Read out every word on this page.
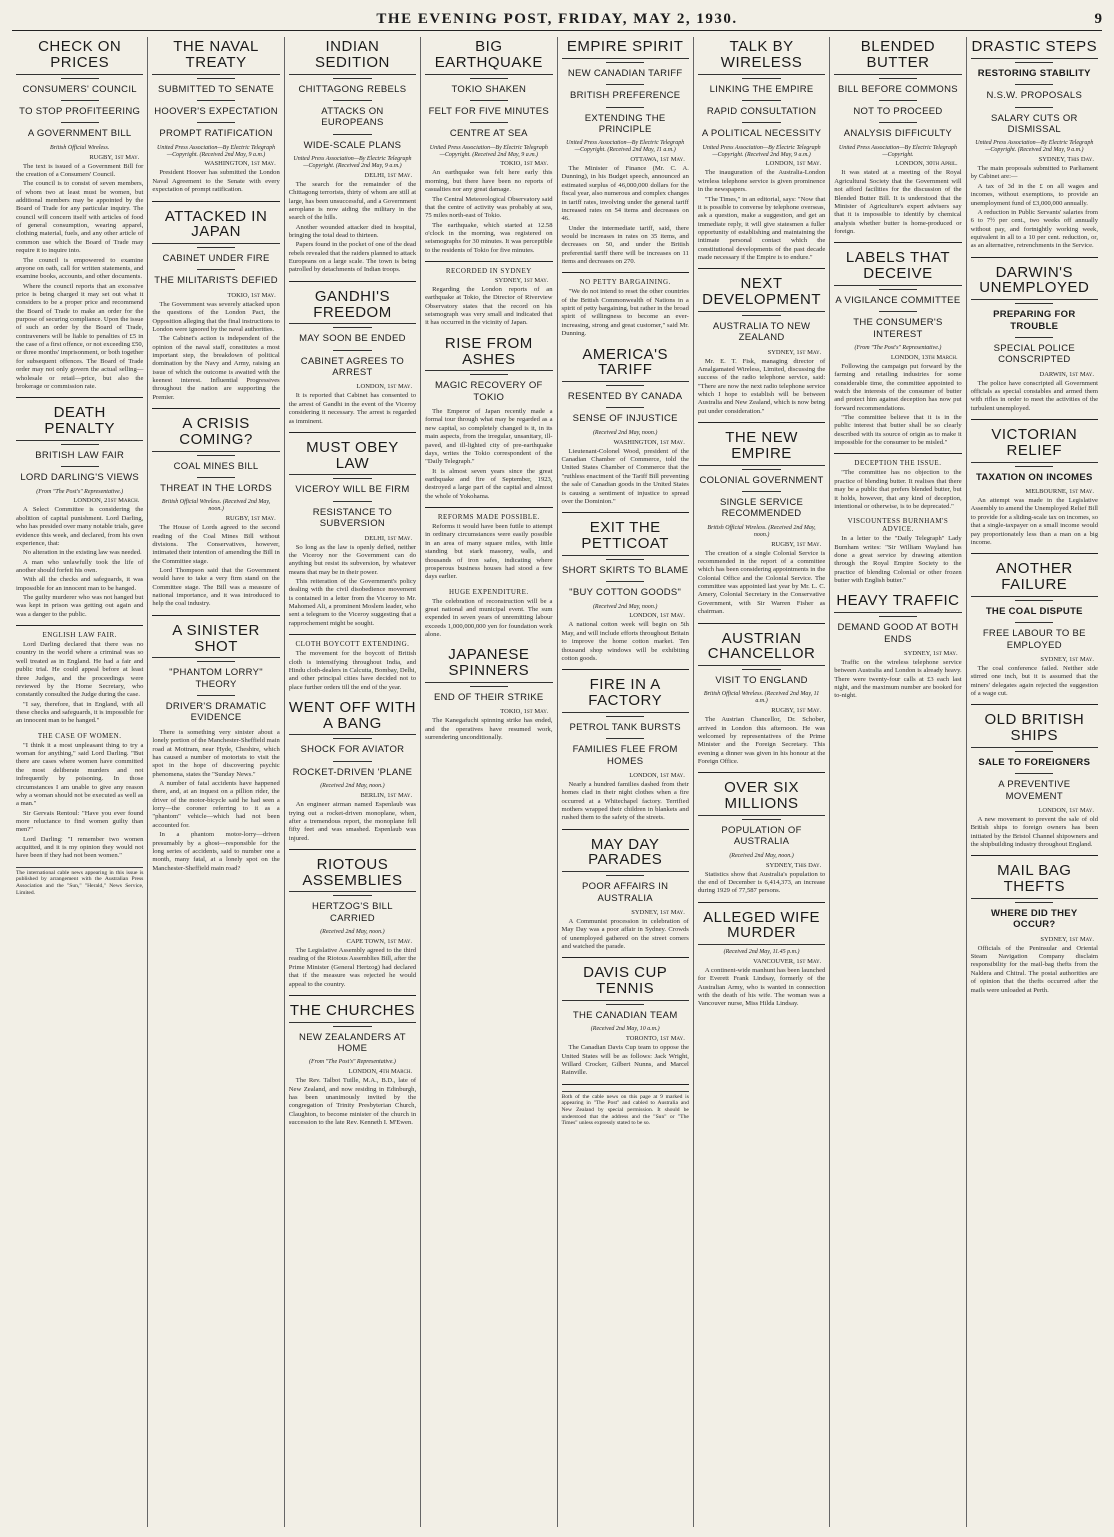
THE EVENING POST, FRIDAY, MAY 2, 1930.	9
CHECK ON PRICES
CONSUMERS' COUNCIL
TO STOP PROFITEERING
A GOVERNMENT BILL
British Official Wireless.
RUGBY, 1st May.

The text is issued of a Government Bill for the creation of a Consumers' Council.

The council is to consist of seven members, of whom two at least must be women, but additional members may be appointed by the Board of Trade for any particular inquiry. The council will concern itself with articles of food of general consumption, wearing apparel, clothing material, fuels, and any other article of common use which the Board of Trade may require it to inquire into.

The council is empowered to examine anyone on oath, call for written statements, and examine books, accounts, and other documents.

Where the council reports that an excessive price is being charged it may set out what it considers to be a proper price and recommend the Board of Trade to make an order for the purpose of securing compliance. Upon the issue of such an order by the Board of Trade, contraveners will be liable to penalties of £5 in the case of a first offence, or not exceeding £50, or three months' imprisonment, or both together for subsequent offences. The Board of Trade order may not only govern the actual selling—wholesale or retail—price, but also the brokerage or commission rate.

DEATH PENALTY
BRITISH LAW FAIR
LORD DARLING'S VIEWS
(From "The Post's" Representative.)
LONDON, 21st March.

A Select Committee is considering the abolition of capital punishment. Lord Darling, who has presided over many notable trials, gave evidence this week, and declared, from his own experience, that:

No alteration in the existing law was needed.

A man who unlawfully took the life of another should forfeit his own.

With all the checks and safeguards, it was impossible for an innocent man to be hanged.

The guilty murderer who was not hanged but was kept in prison was getting out again and was a danger to the public.

ENGLISH LAW FAIR.

Lord Darling declared that there was no country in the world where a criminal was so well treated as in England. He had a fair and public trial. He could appeal before at least three Judges, and the proceedings were reviewed by the Home Secretary, who constantly consulted the Judge during the case.

"I say, therefore, that in England, with all these checks and safeguards, it is impossible for an innocent man to be hanged."

THE CASE OF WOMEN.

"I think it a most unpleasant thing to try a woman for anything," said Lord Darling. "But there are cases where women have committed the most deliberate murders and not infrequently by poisoning. In those circumstances I am unable to give any reason why a woman should not be executed as well as a man."

Sir Gervais Rentoul: "Have you ever found more reluctance to find women guilty than men?"

Lord Darling: "I remember two women acquitted, and it is my opinion they would not have been if they had not been women."

The international cable news appearing in this issue is published by arrangement with the Australian Press Association and the "Sun," "Herald," News Service, Limited.
THE NAVAL TREATY
SUBMITTED TO SENATE
HOOVER'S EXPECTATION
PROMPT RATIFICATION
United Press Association—By Electric Telegraph—Copyright. (Received 2nd May, 9 a.m.)
WASHINGTON, 1st May.

President Hoover has submitted the London Naval Agreement to the Senate with every expectation of prompt ratification.

ATTACKED IN JAPAN
CABINET UNDER FIRE
THE MILITARISTS DEFIED
TOKIO, 1st May.

The Government was severely attacked upon the questions of the London Pact, the Opposition alleging that the final instructions to London were ignored by the naval authorities.

The Cabinet's action is independent of the opinion of the naval staff, constitutes a most important step, the breakdown of political domination by the Navy and Army, raising an issue of which the outcome is awaited with the keenest interest. Influential Progressives throughout the nation are supporting the Premier.

A CRISIS COMING?
COAL MINES BILL
THREAT IN THE LORDS
British Official Wireless. (Received 2nd May, noon.)
RUGBY, 1st May.

The House of Lords agreed to the second reading of the Coal Mines Bill without divisions. The Conservatives, however, intimated their intention of amending the Bill in the Committee stage.

Lord Thompson said that the Government would have to take a very firm stand on the Committee stage. The Bill was a measure of national importance, and it was introduced to help the coal industry.

A SINISTER SHOT
"PHANTOM LORRY" THEORY
DRIVER'S DRAMATIC EVIDENCE

There is something very sinister about a lonely portion of the Manchester-Sheffield main road at Mottram, near Hyde, Cheshire, which has caused a number of motorists to visit the spot in the hope of discovering psychic phenomena, states the "Sunday News."

A number of fatal accidents have happened there, and, at an inquest on a pillion rider, the driver of the motor-bicycle said he had seen a lorry—the coroner referring to it as a "phantom" vehicle—which had not been accounted for.

In a phantom motor-lorry—driven presumably by a ghost—responsible for the long series of accidents, said to number one a month, many fatal, at a lonely spot on the Manchester-Sheffield main road?

INDIAN SEDITION
CHITTAGONG REBELS
ATTACKS ON EUROPEANS
WIDE-SCALE PLANS
United Press Association—By Electric Telegraph—Copyright. (Received 2nd May, 9 a.m.)
DELHI, 1st May.

The search for the remainder of the Chittagong terrorists, thirty of whom are still at large, has been unsuccessful, and a Government aeroplane is now aiding the military in the search of the hills.

Another wounded attacker died in hospital, bringing the total dead to thirteen.

Papers found in the pocket of one of the dead rebels revealed that the raiders planned to attack Europeans on a large scale. The town is being patrolled by detachments of Indian troops.

GANDHI'S FREEDOM
MAY SOON BE ENDED
CABINET AGREES TO ARREST
LONDON, 1st May.

It is reported that Cabinet has consented to the arrest of Gandhi in the event of the Viceroy considering it necessary. The arrest is regarded as imminent.

MUST OBEY LAW
VICEROY WILL BE FIRM
RESISTANCE TO SUBVERSION
DELHI, 1st May.

So long as the law is openly defied, neither the Viceroy nor the Government can do anything but resist its subversion, by whatever means that may be in their power.

This reiteration of the Government's policy dealing with the civil disobedience movement is contained in a letter from the Viceroy to Mr. Mahomed Ali, a prominent Moslem leader, who sent a telegram to the Viceroy suggesting that a rapprochement might be sought.

CLOTH BOYCOTT EXTENDING.

The movement for the boycott of British cloth is intensifying throughout India, and Hindu cloth-dealers in Calcutta, Bombay, Delhi, and other principal cities have decided not to place further orders till the end of the year.

WENT OFF WITH A BANG
SHOCK FOR AVIATOR
ROCKET-DRIVEN 'PLANE
(Received 2nd May, noon.)
BERLIN, 1st May.

An engineer airman named Espenlaub was trying out a rocket-driven monoplane, when, after a tremendous report, the monoplane fell fifty feet and was smashed. Espenlaub was injured.

RIOTOUS ASSEMBLIES
HERTZOG'S BILL CARRIED
(Received 2nd May, noon.)
CAPE TOWN, 1st May.

The Legislative Assembly agreed to the third reading of the Riotous Assemblies Bill, after the Prime Minister (General Hertzog) had declared that if the measure was rejected he would appeal to the country.

THE CHURCHES
NEW ZEALANDERS AT HOME
(From "The Post's" Representative.)
LONDON, 4th March.

The Rev. Talbot Tuille, M.A., B.D., late of New Zealand, and now residing in Edinburgh, has been unanimously invited by the congregation of Trinity Presbyterian Church, Claughton, to become minister of the church in succession to the late Rev. Kenneth I. M'Ewen.

BIG EARTHQUAKE
TOKIO SHAKEN
FELT FOR FIVE MINUTES
CENTRE AT SEA
United Press Association—By Electric Telegraph—Copyright. (Received 2nd May, 9 a.m.)
TOKIO, 1st May.

An earthquake was felt here early this morning, but there have been no reports of casualties nor any great damage.

The Central Meteorological Observatory said that the centre of activity was probably at sea, 75 miles north-east of Tokio.

The earthquake, which started at 12.58 o'clock in the morning, was registered on seismographs for 30 minutes. It was perceptible to the residents of Tokio for five minutes.

RECORDED IN SYDNEY
SYDNEY, 1st May.

Regarding the London reports of an earthquake at Tokio, the Director of Riverview Observatory states that the record on his seismograph was very small and indicated that it has occurred in the vicinity of Japan.

RISE FROM ASHES
MAGIC RECOVERY OF TOKIO

The Emperor of Japan recently made a formal tour through what may be regarded as a new capital, so completely changed is it, in its main aspects, from the irregular, unsanitary, ill-paved, and ill-lighted city of pre-earthquake days, writes the Tokio correspondent of the "Daily Telegraph."

It is almost seven years since the great earthquake and fire of September, 1923, destroyed a large part of the capital and almost the whole of Yokohama.

REFORMS MADE POSSIBLE.

Reforms it would have been futile to attempt in ordinary circumstances were easily possible in an area of many square miles, with little standing but stark masonry, walls, and thousands of iron safes, indicating where prosperous business houses had stood a few days earlier.

HUGE EXPENDITURE.

The celebration of reconstruction will be a great national and municipal event. The sum expended in seven years of unremitting labour exceeds 1,000,000,000 yen for foundation work alone.

JAPANESE SPINNERS
END OF THEIR STRIKE
TOKIO, 1st May.

The Kanegafuchi spinning strike has ended, and the operatives have resumed work, surrendering unconditionally.

EMPIRE SPIRIT
NEW CANADIAN TARIFF
BRITISH PREFERENCE
EXTENDING THE PRINCIPLE
United Press Association—By Electric Telegraph—Copyright. (Received 2nd May, 11 a.m.)
OTTAWA, 1st May.

The Minister of Finance (Mr. C. A. Dunning), in his Budget speech, announced an estimated surplus of 46,000,000 dollars for the fiscal year, also numerous and complex changes in tariff rates, involving under the general tariff increased rates on 54 items and decreases on 46.

Under the intermediate tariff, said, there would be increases in rates on 35 items, and decreases on 50, and under the British preferential tariff there will be increases on 11 items and decreases on 270.

NO PETTY BARGAINING.

"We do not intend to reset the other countries of the British Commonwealth of Nations in a spirit of petty bargaining, but rather in the broad spirit of willingness to become an ever-increasing, strong and great customer," said Mr. Dunning.

AMERICA'S TARIFF
RESENTED BY CANADA
SENSE OF INJUSTICE
(Received 2nd May, noon.)
WASHINGTON, 1st May.

Lieutenant-Colonel Wood, president of the Canadian Chamber of Commerce, told the United States Chamber of Commerce that the "ruthless enactment of the Tariff Bill preventing the sale of Canadian goods in the United States is causing a sentiment of injustice to spread over the Dominion."

EXIT THE PETTICOAT
SHORT SKIRTS TO BLAME
"BUY COTTON GOODS"
(Received 2nd May, noon.)
LONDON, 1st May.

A national cotton week will begin on 5th May, and will include efforts throughout Britain to improve the home cotton market. Ten thousand shop windows will be exhibiting cotton goods.

FIRE IN A FACTORY
PETROL TANK BURSTS
FAMILIES FLEE FROM HOMES
LONDON, 1st May.

Nearly a hundred families dashed from their homes clad in their night clothes when a fire occurred at a Whitechapel factory. Terrified mothers wrapped their children in blankets and rushed them to the safety of the streets.

MAY DAY PARADES
POOR AFFAIRS IN AUSTRALIA
SYDNEY, 1st May.

A Communist procession in celebration of May Day was a poor affair in Sydney. Crowds of unemployed gathered on the street corners and watched the parade.

DAVIS CUP TENNIS
THE CANADIAN TEAM
(Received 2nd May, 10 a.m.)
TORONTO, 1st May.

The Canadian Davis Cup team to oppose the United States will be as follows: Jack Wright, Willard Crocker, Gilbert Nunns, and Marcel Rainville.

Both of the cable news on this page at 9 marked is appearing in "The Post" and cabled to Australia and New Zealand by special permission. It should be understood that the address and the "Sun" or "The Times" unless expressly stated to be so.
TALK BY WIRELESS
LINKING THE EMPIRE
RAPID CONSULTATION
A POLITICAL NECESSITY
United Press Association—By Electric Telegraph—Copyright. (Received 2nd May, 9 a.m.)
LONDON, 1st May.

The inauguration of the Australia-London wireless telephone service is given prominence in the newspapers.

"The Times," in an editorial, says: "Now that it is possible to converse by telephone overseas, ask a question, make a suggestion, and get an immediate reply, it will give statesmen a fuller opportunity of establishing and maintaining the intimate personal contact which the constitutional developments of the past decade made necessary if the Empire is to endure."

NEXT DEVELOPMENT
AUSTRALIA TO NEW ZEALAND
SYDNEY, 1st May.

Mr. E. T. Fisk, managing director of Amalgamated Wireless, Limited, discussing the success of the radio telephone service, said: "There are now the next radio telephone service which I hope to establish will be between Australia and New Zealand, which is now being put under consideration."

THE NEW EMPIRE
COLONIAL GOVERNMENT
SINGLE SERVICE RECOMMENDED
British Official Wireless. (Received 2nd May, noon.)
RUGBY, 1st May.

The creation of a single Colonial Service is recommended in the report of a committee which has been considering appointments in the Colonial Office and the Colonial Service. The committee was appointed last year by Mr. L. C. Amery, Colonial Secretary in the Conservative Government, with Sir Warren Fisher as chairman.

AUSTRIAN CHANCELLOR
VISIT TO ENGLAND
British Official Wireless. (Received 2nd May, 11 a.m.)
RUGBY, 1st May.

The Austrian Chancellor, Dr. Schober, arrived in London this afternoon. He was welcomed by representatives of the Prime Minister and the Foreign Secretary. This evening a dinner was given in his honour at the Foreign Office.

OVER SIX MILLIONS
POPULATION OF AUSTRALIA
(Received 2nd May, noon.)
SYDNEY, This Day.

Statistics show that Australia's population to the end of December is 6,414,373, an increase during 1929 of 77,587 persons.

ALLEGED WIFE MURDER
(Received 2nd May, 11.45 p.m.)
VANCOUVER, 1st May.

A continent-wide manhunt has been launched for Everett Frank Lindsay, formerly of the Australian Army, who is wanted in connection with the death of his wife. The woman was a Vancouver nurse, Miss Hilda Lindsay.

BLENDED BUTTER
BILL BEFORE COMMONS
NOT TO PROCEED
ANALYSIS DIFFICULTY
United Press Association—By Electric Telegraph—Copyright.
LONDON, 30th April.

It was stated at a meeting of the Royal Agricultural Society that the Government will not afford facilities for the discussion of the Blended Butter Bill. It is understood that the Minister of Agriculture's expert advisers say that it is impossible to identify by chemical analysis whether butter is home-produced or foreign.

LABELS THAT DECEIVE
A VIGILANCE COMMITTEE
THE CONSUMER'S INTEREST
(From "The Post's" Representative.)
LONDON, 13th March.

Following the campaign put forward by the farming and retailing industries for some considerable time, the committee appointed to watch the interests of the consumer of butter and protect him against deception has now put forward recommendations.

"The committee believe that it is in the public interest that butter shall be so clearly described with its source of origin as to make it impossible for the consumer to be misled."

DECEPTION THE ISSUE.

"The committee has no objection to the practice of blending butter. It realises that there may be a public that prefers blended butter, but it holds, however, that any kind of deception, intentional or otherwise, is to be deprecated."

VISCOUNTESS BURNHAM'S ADVICE.

In a letter to the "Daily Telegraph" Lady Burnham writes: "Sir William Wayland has done a great service by drawing attention through the Royal Empire Society to the practice of blending Colonial or other frozen butter with English butter."

HEAVY TRAFFIC
DEMAND GOOD AT BOTH ENDS
SYDNEY, 1st May.

Traffic on the wireless telephone service between Australia and London is already heavy. There were twenty-four calls at £3 each last night, and the maximum number are booked for to-night.

DRASTIC STEPS
RESTORING STABILITY
N.S.W. PROPOSALS
SALARY CUTS OR DISMISSAL
United Press Association—By Electric Telegraph—Copyright. (Received 2nd May, 9 a.m.)
SYDNEY, This Day.

The main proposals submitted to Parliament by Cabinet are:—

A tax of 3d in the £ on all wages and incomes, without exemptions, to provide an unemployment fund of £3,000,000 annually.

A reduction in Public Servants' salaries from 6 to 7½ per cent., two weeks off annually without pay, and fortnightly working week, equivalent in all to a 10 per cent. reduction, or, as an alternative, retrenchments in the Service.

DARWIN'S UNEMPLOYED
PREPARING FOR TROUBLE
SPECIAL POLICE CONSCRIPTED
DARWIN, 1st May.

The police have conscripted all Government officials as special constables and armed them with rifles in order to meet the activities of the turbulent unemployed.

VICTORIAN RELIEF
TAXATION ON INCOMES
MELBOURNE, 1st May.

An attempt was made in the Legislative Assembly to amend the Unemployed Relief Bill to provide for a sliding-scale tax on incomes, so that a single-taxpayer on a small income would pay proportionately less than a man on a big income.

ANOTHER FAILURE
THE COAL DISPUTE
FREE LABOUR TO BE EMPLOYED
SYDNEY, 1st May.

The coal conference failed. Neither side stirred one inch, but it is assumed that the miners' delegates again rejected the suggestion of a wage cut.

OLD BRITISH SHIPS
SALE TO FOREIGNERS
A PREVENTIVE MOVEMENT
LONDON, 1st May.

A new movement to prevent the sale of old British ships to foreign owners has been initiated by the Bristol Channel shipowners and the shipbuilding industry throughout England.

MAIL BAG THEFTS
WHERE DID THEY OCCUR?
SYDNEY, 1st May.

Officials of the Peninsular and Oriental Steam Navigation Company disclaim responsibility for the mail-bag thefts from the Naldera and Chitral. The postal authorities are of opinion that the thefts occurred after the mails were unloaded at Perth.
